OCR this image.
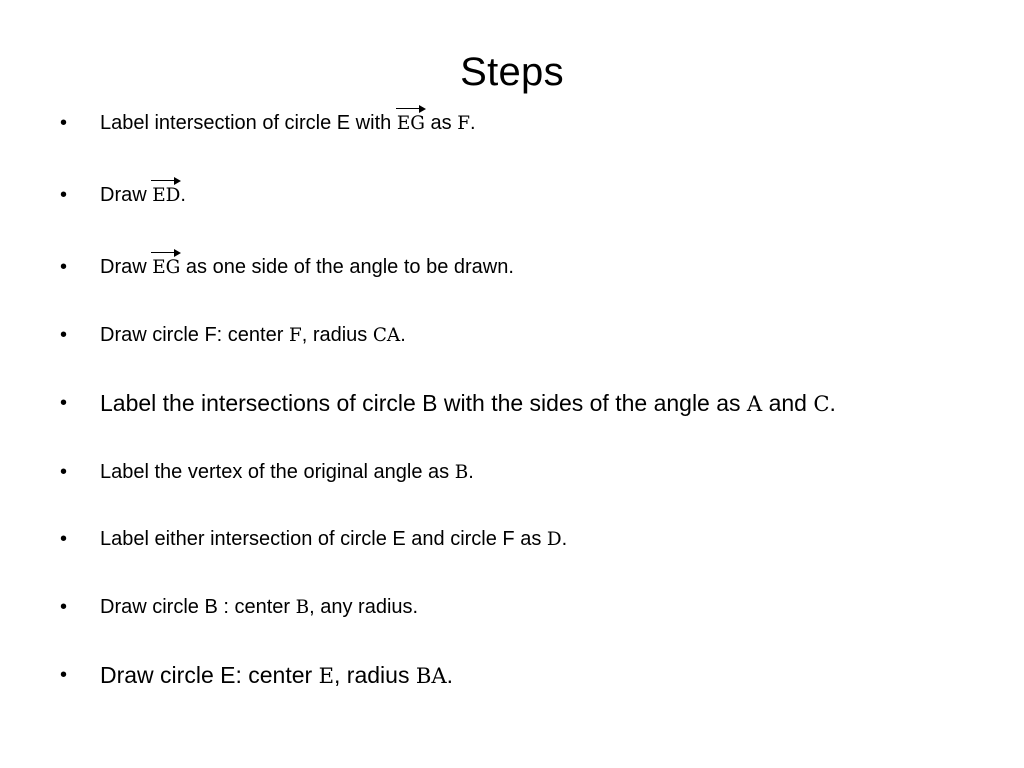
Steps
• Label intersection of circle E with
EG as F.
• Draw
ED.
• Draw
EG as one side of the angle to be drawn.
• Draw circle F: center F, radius CA.
• Label the intersections of circle B with the sides of the angle as A and C.
• Label the vertex of the original angle as B.
• Label either intersection of circle E and circle F as D.
• Draw circle B : center B, any radius.
• Draw circle E: center E, radius BA.
